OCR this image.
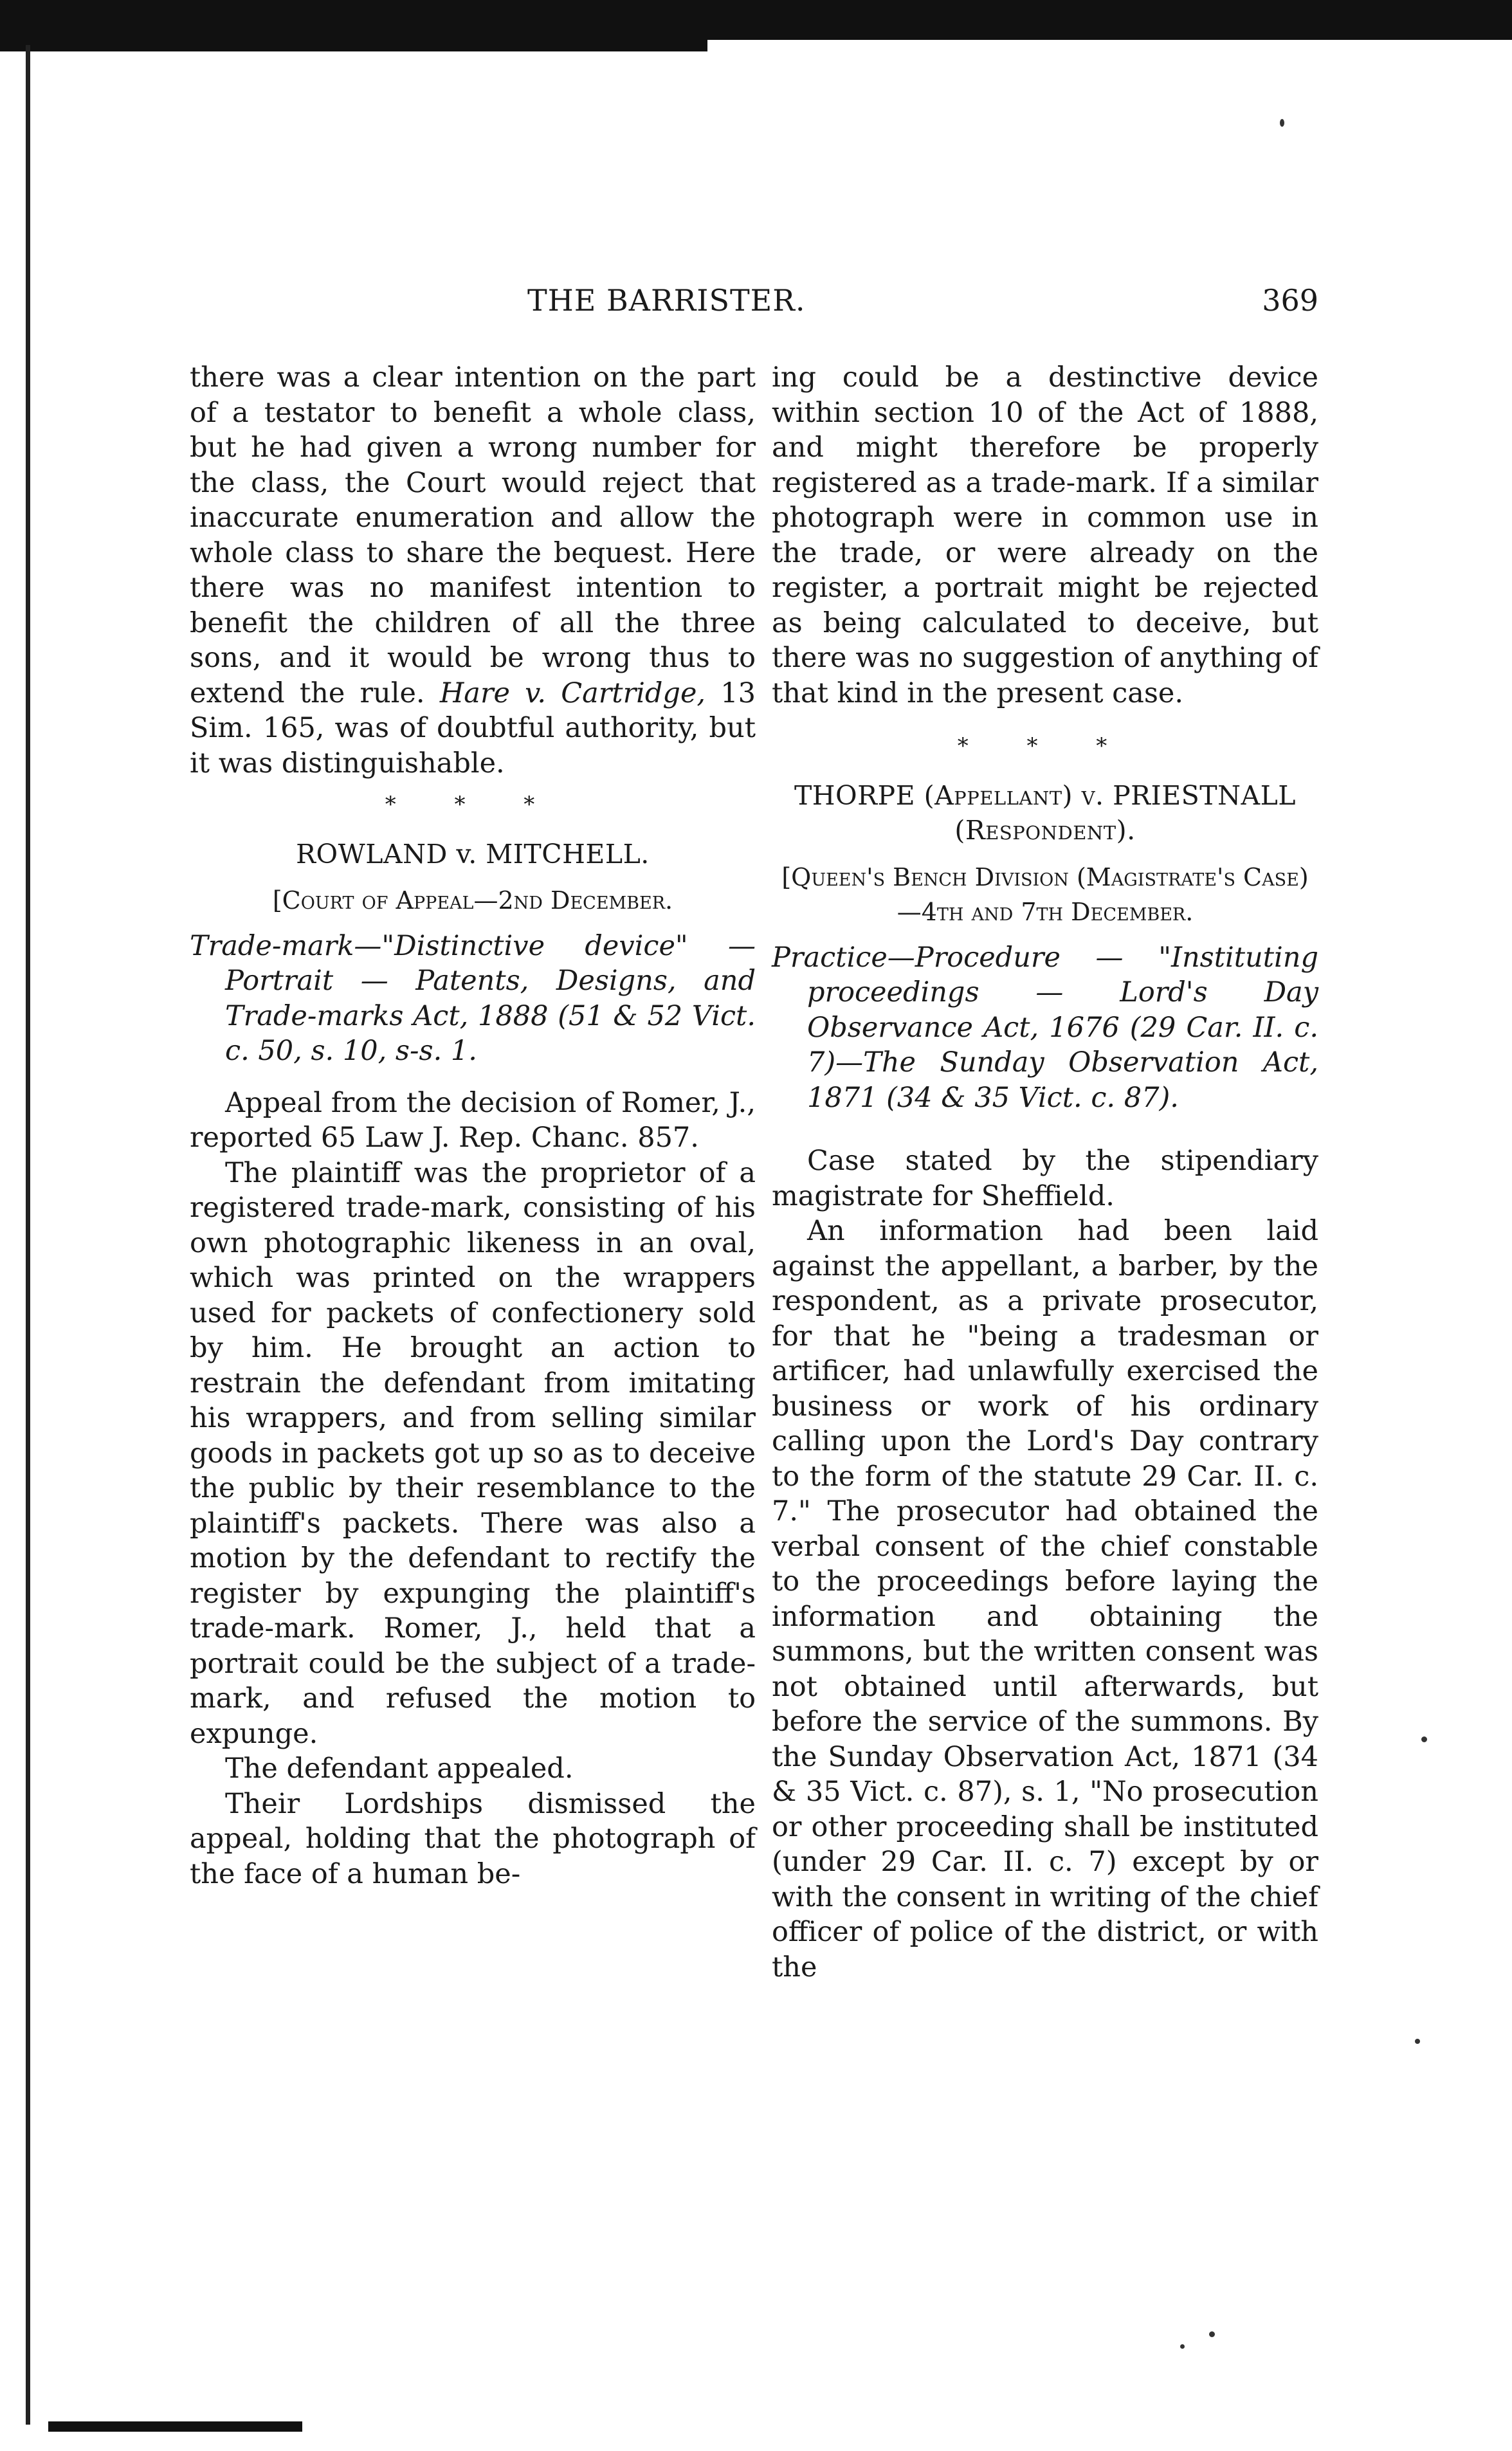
THE BARRISTER.	369

there was a clear intention on the part of a testator to benefit a whole class, but he had given a wrong number for the class, the Court would reject that inaccurate enumeration and allow the whole class to share the bequest. Here there was no manifest intention to benefit the children of all the three sons, and it would be wrong thus to extend the rule. Hare v. Cartridge, 13 Sim. 165, was of doubtful authority, but it was distinguishable.

* * *

ROWLAND v. MITCHELL.

[Court of Appeal—2nd December.

Trade-mark—"Distinctive device" —Portrait — Patents, Designs, and Trade-marks Act, 1888 (51 & 52 Vict. c. 50, s. 10, s-s. 1.

Appeal from the decision of Romer, J., reported 65 Law J. Rep. Chanc. 857.

The plaintiff was the proprietor of a registered trade-mark, consisting of his own photographic likeness in an oval, which was printed on the wrappers used for packets of confectionery sold by him. He brought an action to restrain the defendant from imitating his wrappers, and from selling similar goods in packets got up so as to deceive the public by their resemblance to the plaintiff's packets. There was also a motion by the defendant to rectify the register by expunging the plaintiff's trade-mark. Romer, J., held that a portrait could be the subject of a trade-mark, and refused the motion to expunge.

The defendant appealed.

Their Lordships dismissed the appeal, holding that the photograph of the face of a human be-

ing could be a destinctive device within section 10 of the Act of 1888, and might therefore be properly registered as a trade-mark. If a similar photograph were in common use in the trade, or were already on the register, a portrait might be rejected as being calculated to deceive, but there was no suggestion of anything of that kind in the present case.

* * *

THORPE (Appellant) v. PRIESTNALL (Respondent).

[Queen's Bench Division (Magistrate's Case)—4th and 7th December.

Practice—Procedure — "Instituting proceedings — Lord's Day Observance Act, 1676 (29 Car. II. c. 7)—The Sunday Observation Act, 1871 (34 & 35 Vict. c. 87).

Case stated by the stipendiary magistrate for Sheffield.

An information had been laid against the appellant, a barber, by the respondent, as a private prosecutor, for that he "being a tradesman or artificer, had unlawfully exercised the business or work of his ordinary calling upon the Lord's Day contrary to the form of the statute 29 Car. II. c. 7." The prosecutor had obtained the verbal consent of the chief constable to the proceedings before laying the information and obtaining the summons, but the written consent was not obtained until afterwards, but before the service of the summons. By the Sunday Observation Act, 1871 (34 & 35 Vict. c. 87), s. 1, "No prosecution or other proceeding shall be instituted (under 29 Car. II. c. 7) except by or with the consent in writing of the chief officer of police of the district, or with the
